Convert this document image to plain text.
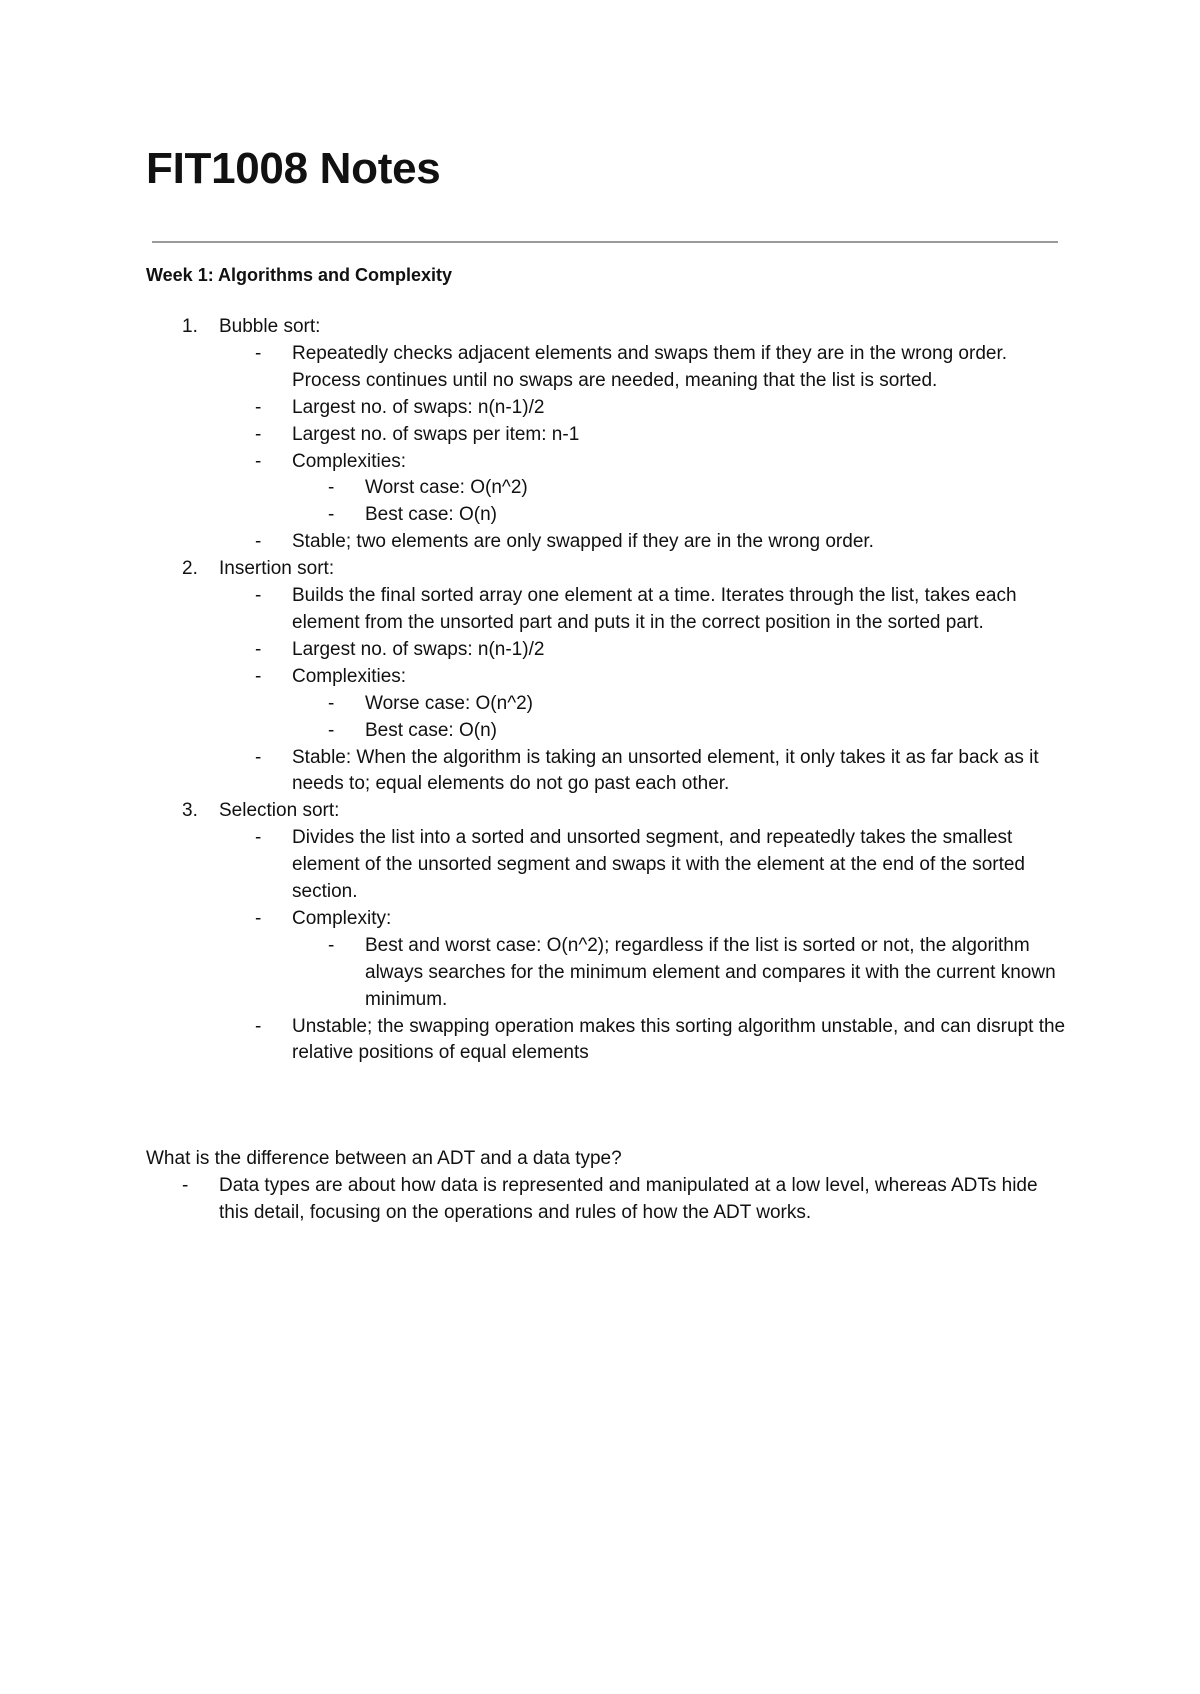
FIT1008 Notes
Week 1: Algorithms and Complexity
1. Bubble sort:
- Repeatedly checks adjacent elements and swaps them if they are in the wrong order. Process continues until no swaps are needed, meaning that the list is sorted.
- Largest no. of swaps: n(n-1)/2
- Largest no. of swaps per item: n-1
- Complexities:
- Worst case: O(n^2)
- Best case: O(n)
- Stable; two elements are only swapped if they are in the wrong order.
2. Insertion sort:
- Builds the final sorted array one element at a time. Iterates through the list, takes each element from the unsorted part and puts it in the correct position in the sorted part.
- Largest no. of swaps: n(n-1)/2
- Complexities:
- Worse case: O(n^2)
- Best case: O(n)
- Stable: When the algorithm is taking an unsorted element, it only takes it as far back as it needs to; equal elements do not go past each other.
3. Selection sort:
- Divides the list into a sorted and unsorted segment, and repeatedly takes the smallest element of the unsorted segment and swaps it with the element at the end of the sorted section.
- Complexity:
- Best and worst case: O(n^2); regardless if the list is sorted or not, the algorithm always searches for the minimum element and compares it with the current known minimum.
- Unstable; the swapping operation makes this sorting algorithm unstable, and can disrupt the relative positions of equal elements

What is the difference between an ADT and a data type?

- Data types are about how data is represented and manipulated at a low level, whereas ADTs hide this detail, focusing on the operations and rules of how the ADT works.
